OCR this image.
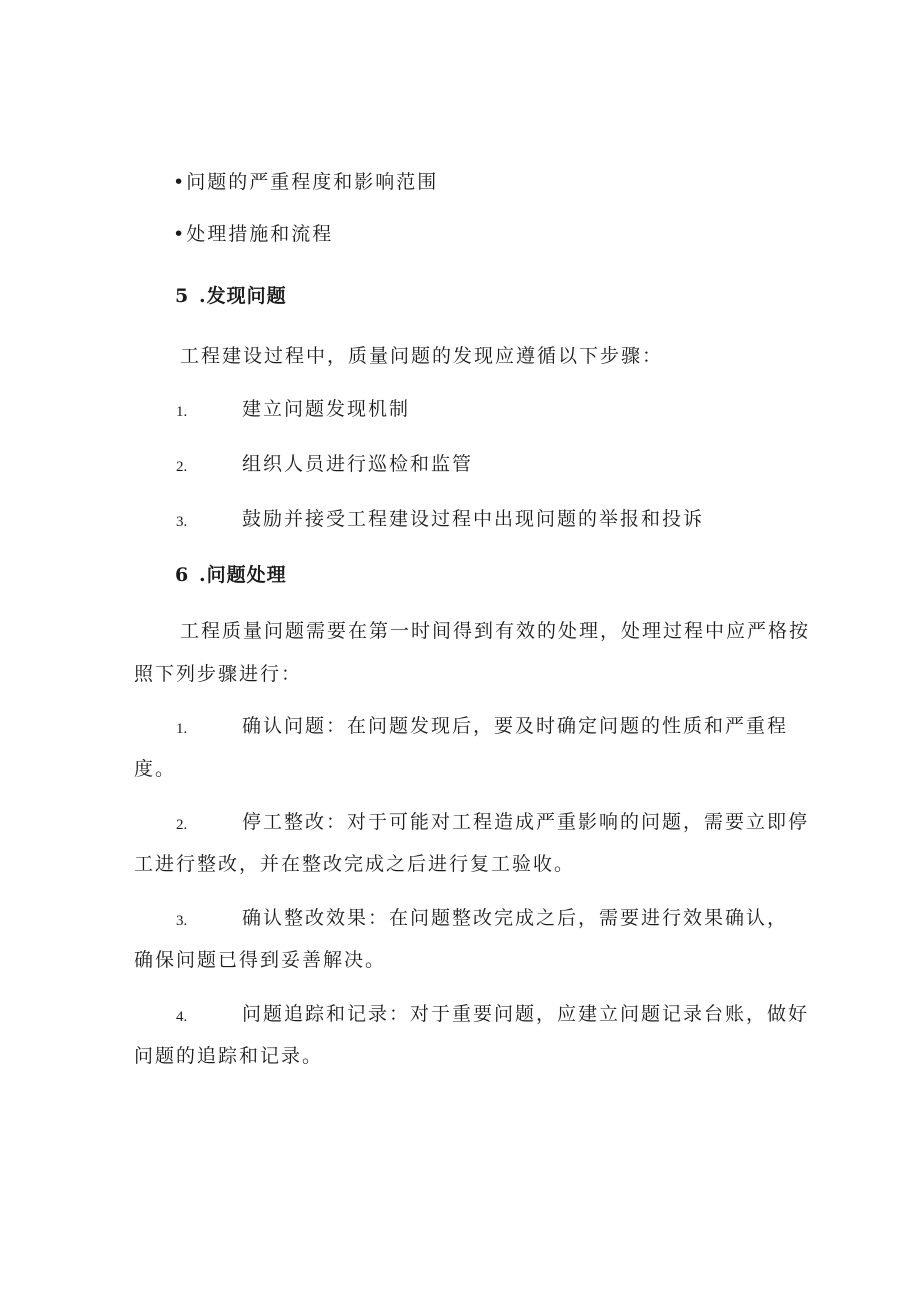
•问题的严重程度和影响范围
•处理措施和流程
5 .发现问题
工程建设过程中，质量问题的发现应遵循以下步骤：
1.	建立问题发现机制
2.	组织人员进行巡检和监管
3.	鼓励并接受工程建设过程中出现问题的举报和投诉
6 .问题处理
工程质量问题需要在第一时间得到有效的处理，处理过程中应严格按
照下列步骤进行：
1.	确认问题：在问题发现后，要及时确定问题的性质和严重程
度。
2.	停工整改：对于可能对工程造成严重影响的问题，需要立即停
工进行整改，并在整改完成之后进行复工验收。
3.	确认整改效果：在问题整改完成之后，需要进行效果确认，
确保问题已得到妥善解决。
4.	问题追踪和记录：对于重要问题，应建立问题记录台账，做好
问题的追踪和记录。
